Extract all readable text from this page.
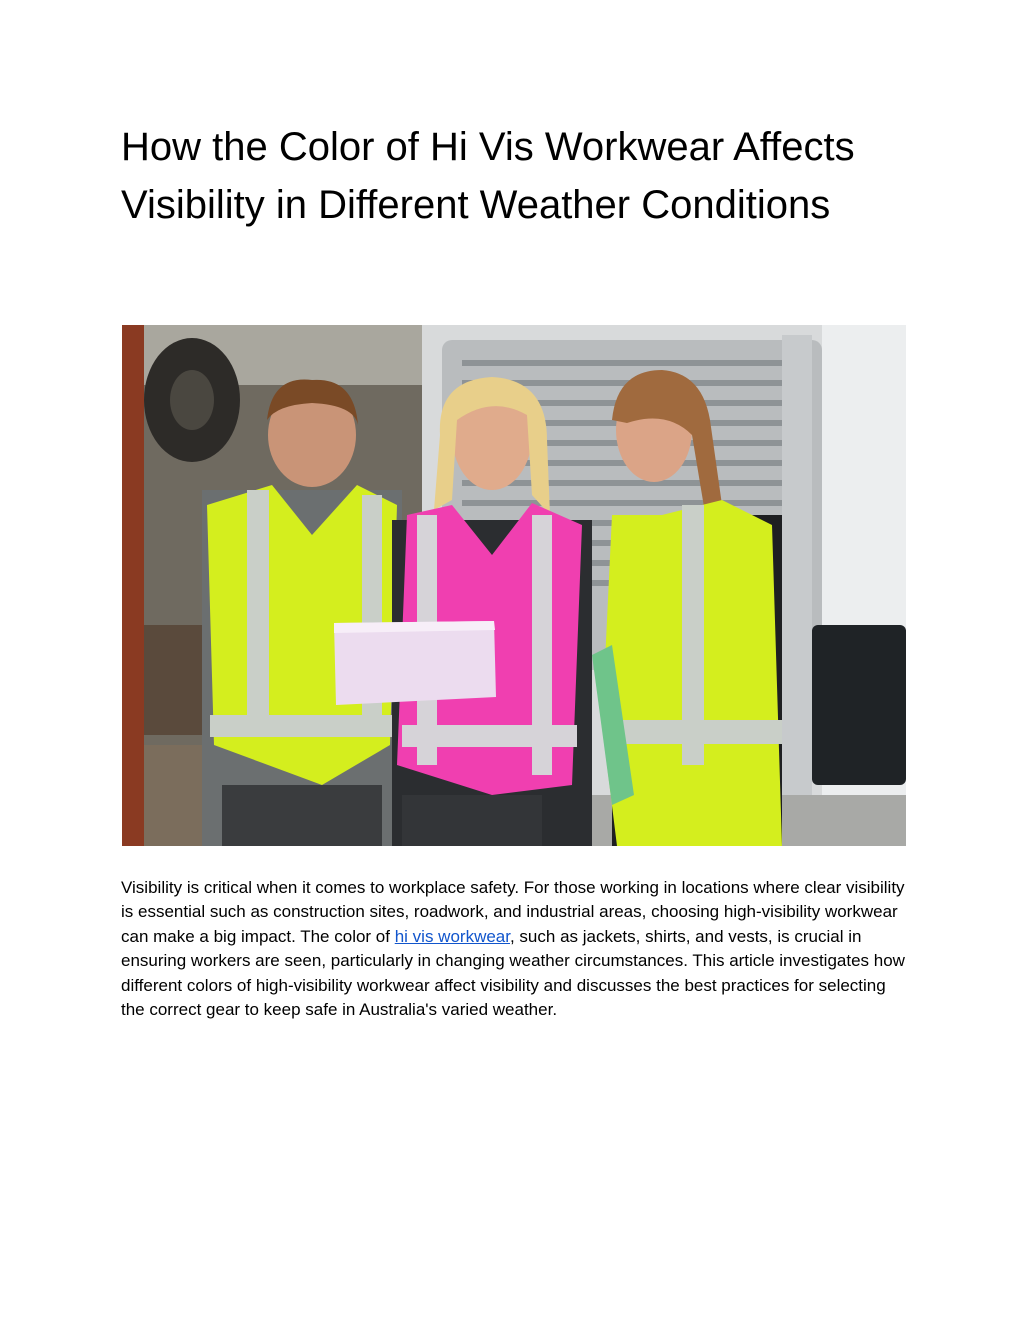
How the Color of Hi Vis Workwear Affects Visibility in Different Weather Conditions

Visibility is critical when it comes to workplace safety. For those working in locations where clear visibility is essential such as construction sites, roadwork, and industrial areas, choosing high-visibility workwear can make a big impact. The color of hi vis workwear, such as jackets, shirts, and vests, is crucial in ensuring workers are seen, particularly in changing weather circumstances. This article investigates how different colors of high-visibility workwear affect visibility and discusses the best practices for selecting the correct gear to keep safe in Australia's varied weather.
